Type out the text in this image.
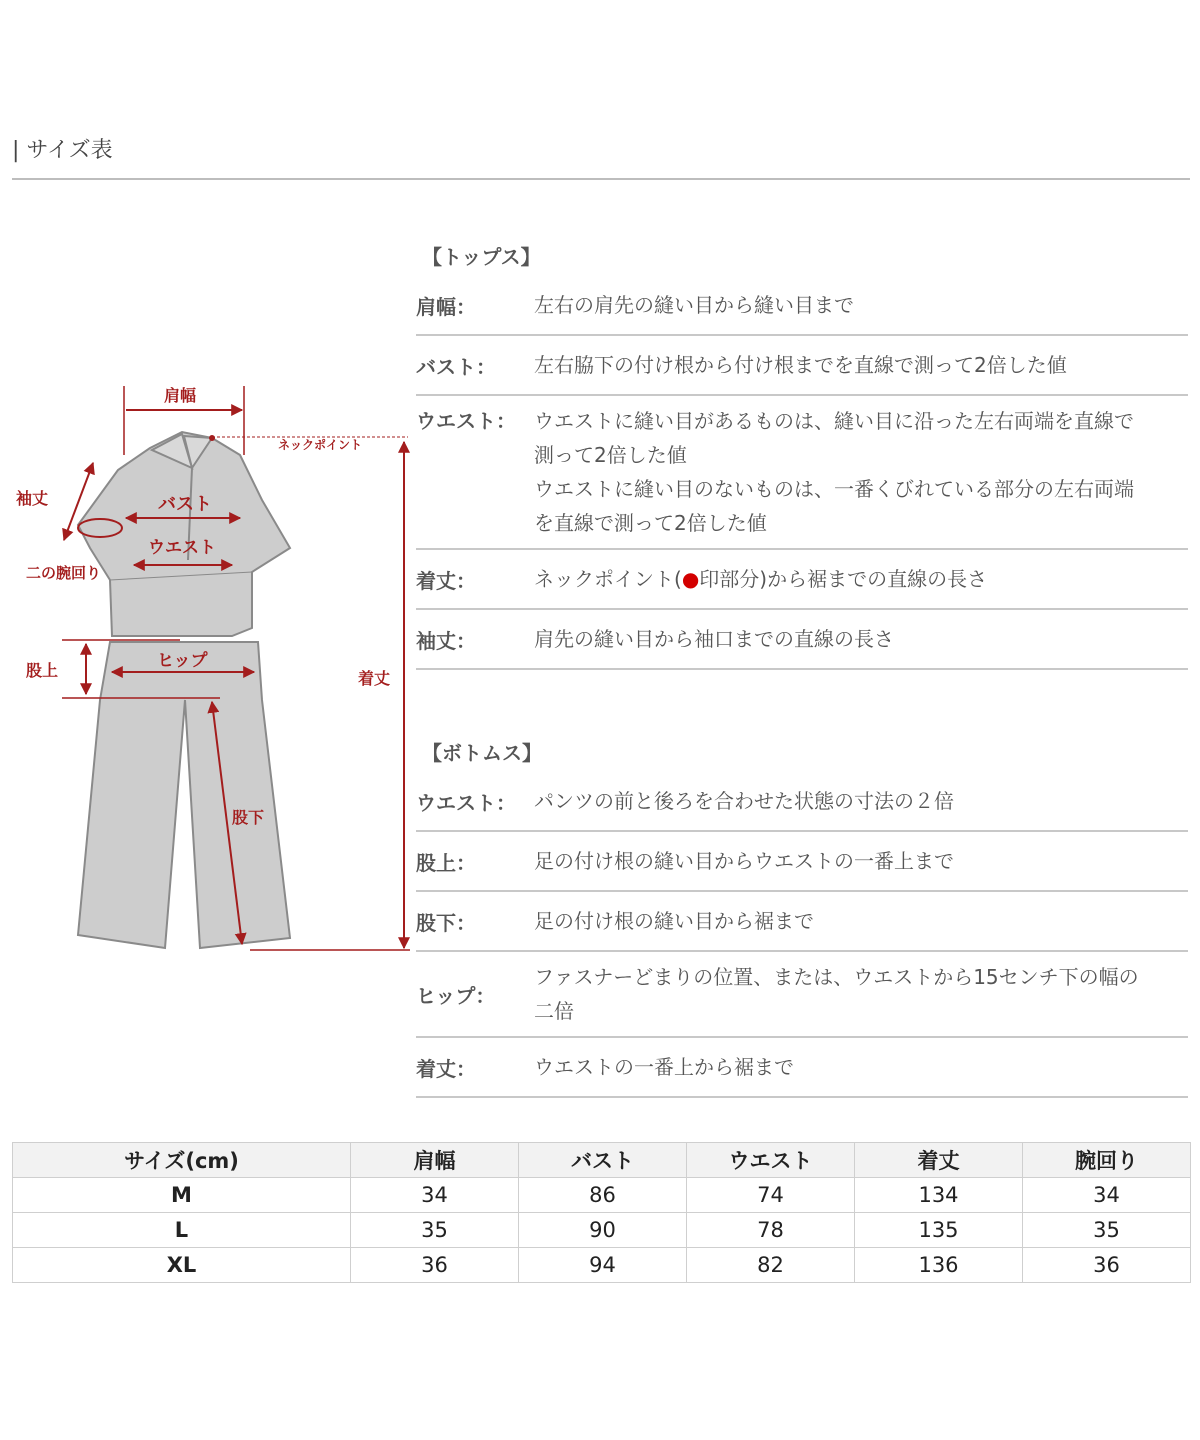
| サイズ表
肩幅
ネックポイント
袖丈	バスト
ウエスト
二の腕回り
股上	ヒップ
着丈
股下
【トップス】
肩幅：	左右の肩先の縫い目から縫い目まで

バスト：	左右脇下の付け根から付け根までを直線で測って2倍した値

ウエスト： ウエストに縫い目があるものは、縫い目に沿った左右両端を直線で

測って2倍した値

ウエストに縫い目のないものは、一番くびれている部分の左右両端

を直線で測って2倍した値

着丈：	ネックポイント(●印部分)から裾までの直線の長さ

袖丈：	肩先の縫い目から袖口までの直線の長さ

【ボトムス】
ウエスト： パンツの前と後ろを合わせた状態の寸法の２倍

股上：	足の付け根の縫い目からウエストの一番上まで

股下：	足の付け根の縫い目から裾まで

ヒップ：

ファスナーどまりの位置、または、ウエストから15センチ下の幅の

二倍

着丈：	ウエストの一番上から裾まで

サイズ(cm)	肩幅	バスト	ウエスト	着丈	腕回り
M	34	86	74	134	34
L	35	90	78	135	35
XL	36	94	82	136	36
